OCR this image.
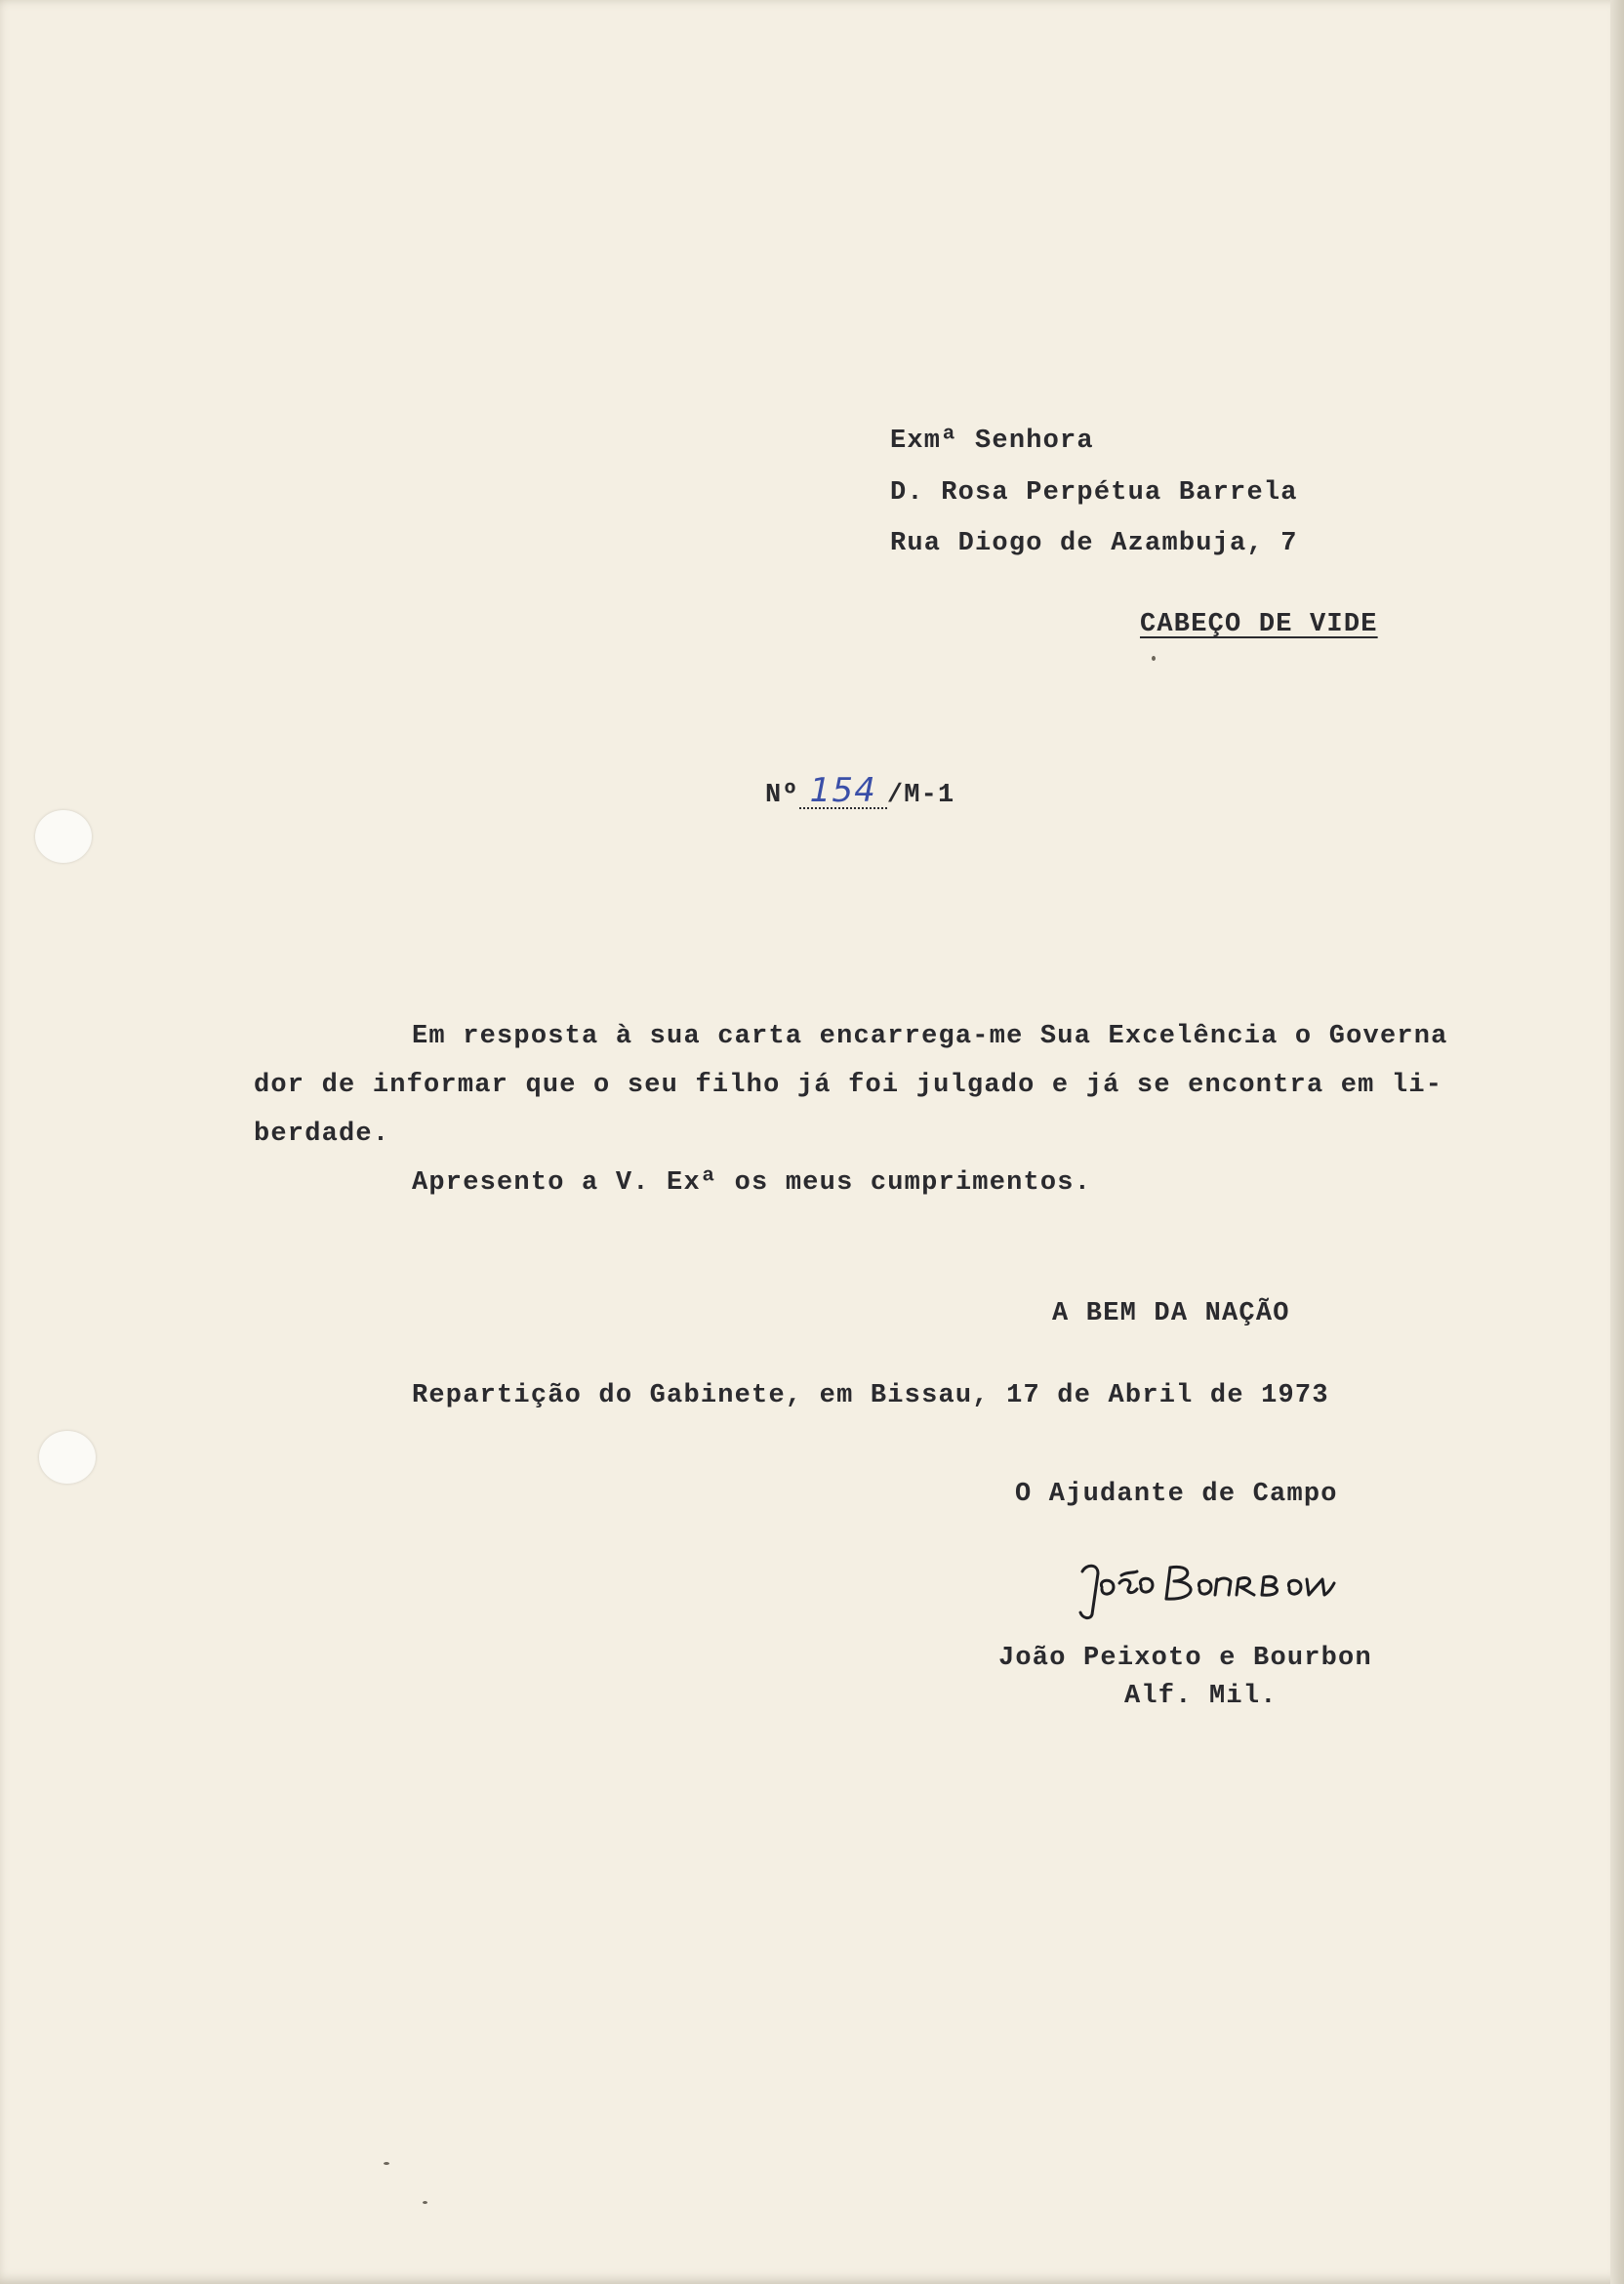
Exmª Senhora
D. Rosa Perpétua Barrela
Rua Diogo de Azambuja, 7
CABEÇO DE VIDE
Nº 154 /M-1
Em resposta à sua carta encarrega-me Sua Excelência o Governa
dor de informar que o seu filho já foi julgado e já se encontra em li-
berdade.
Apresento a V. Exª os meus cumprimentos.
A BEM DA NAÇÃO
Repartição do Gabinete, em Bissau, 17 de Abril de 1973
O Ajudante de Campo
João Peixoto e Bourbon
Alf. Mil.
